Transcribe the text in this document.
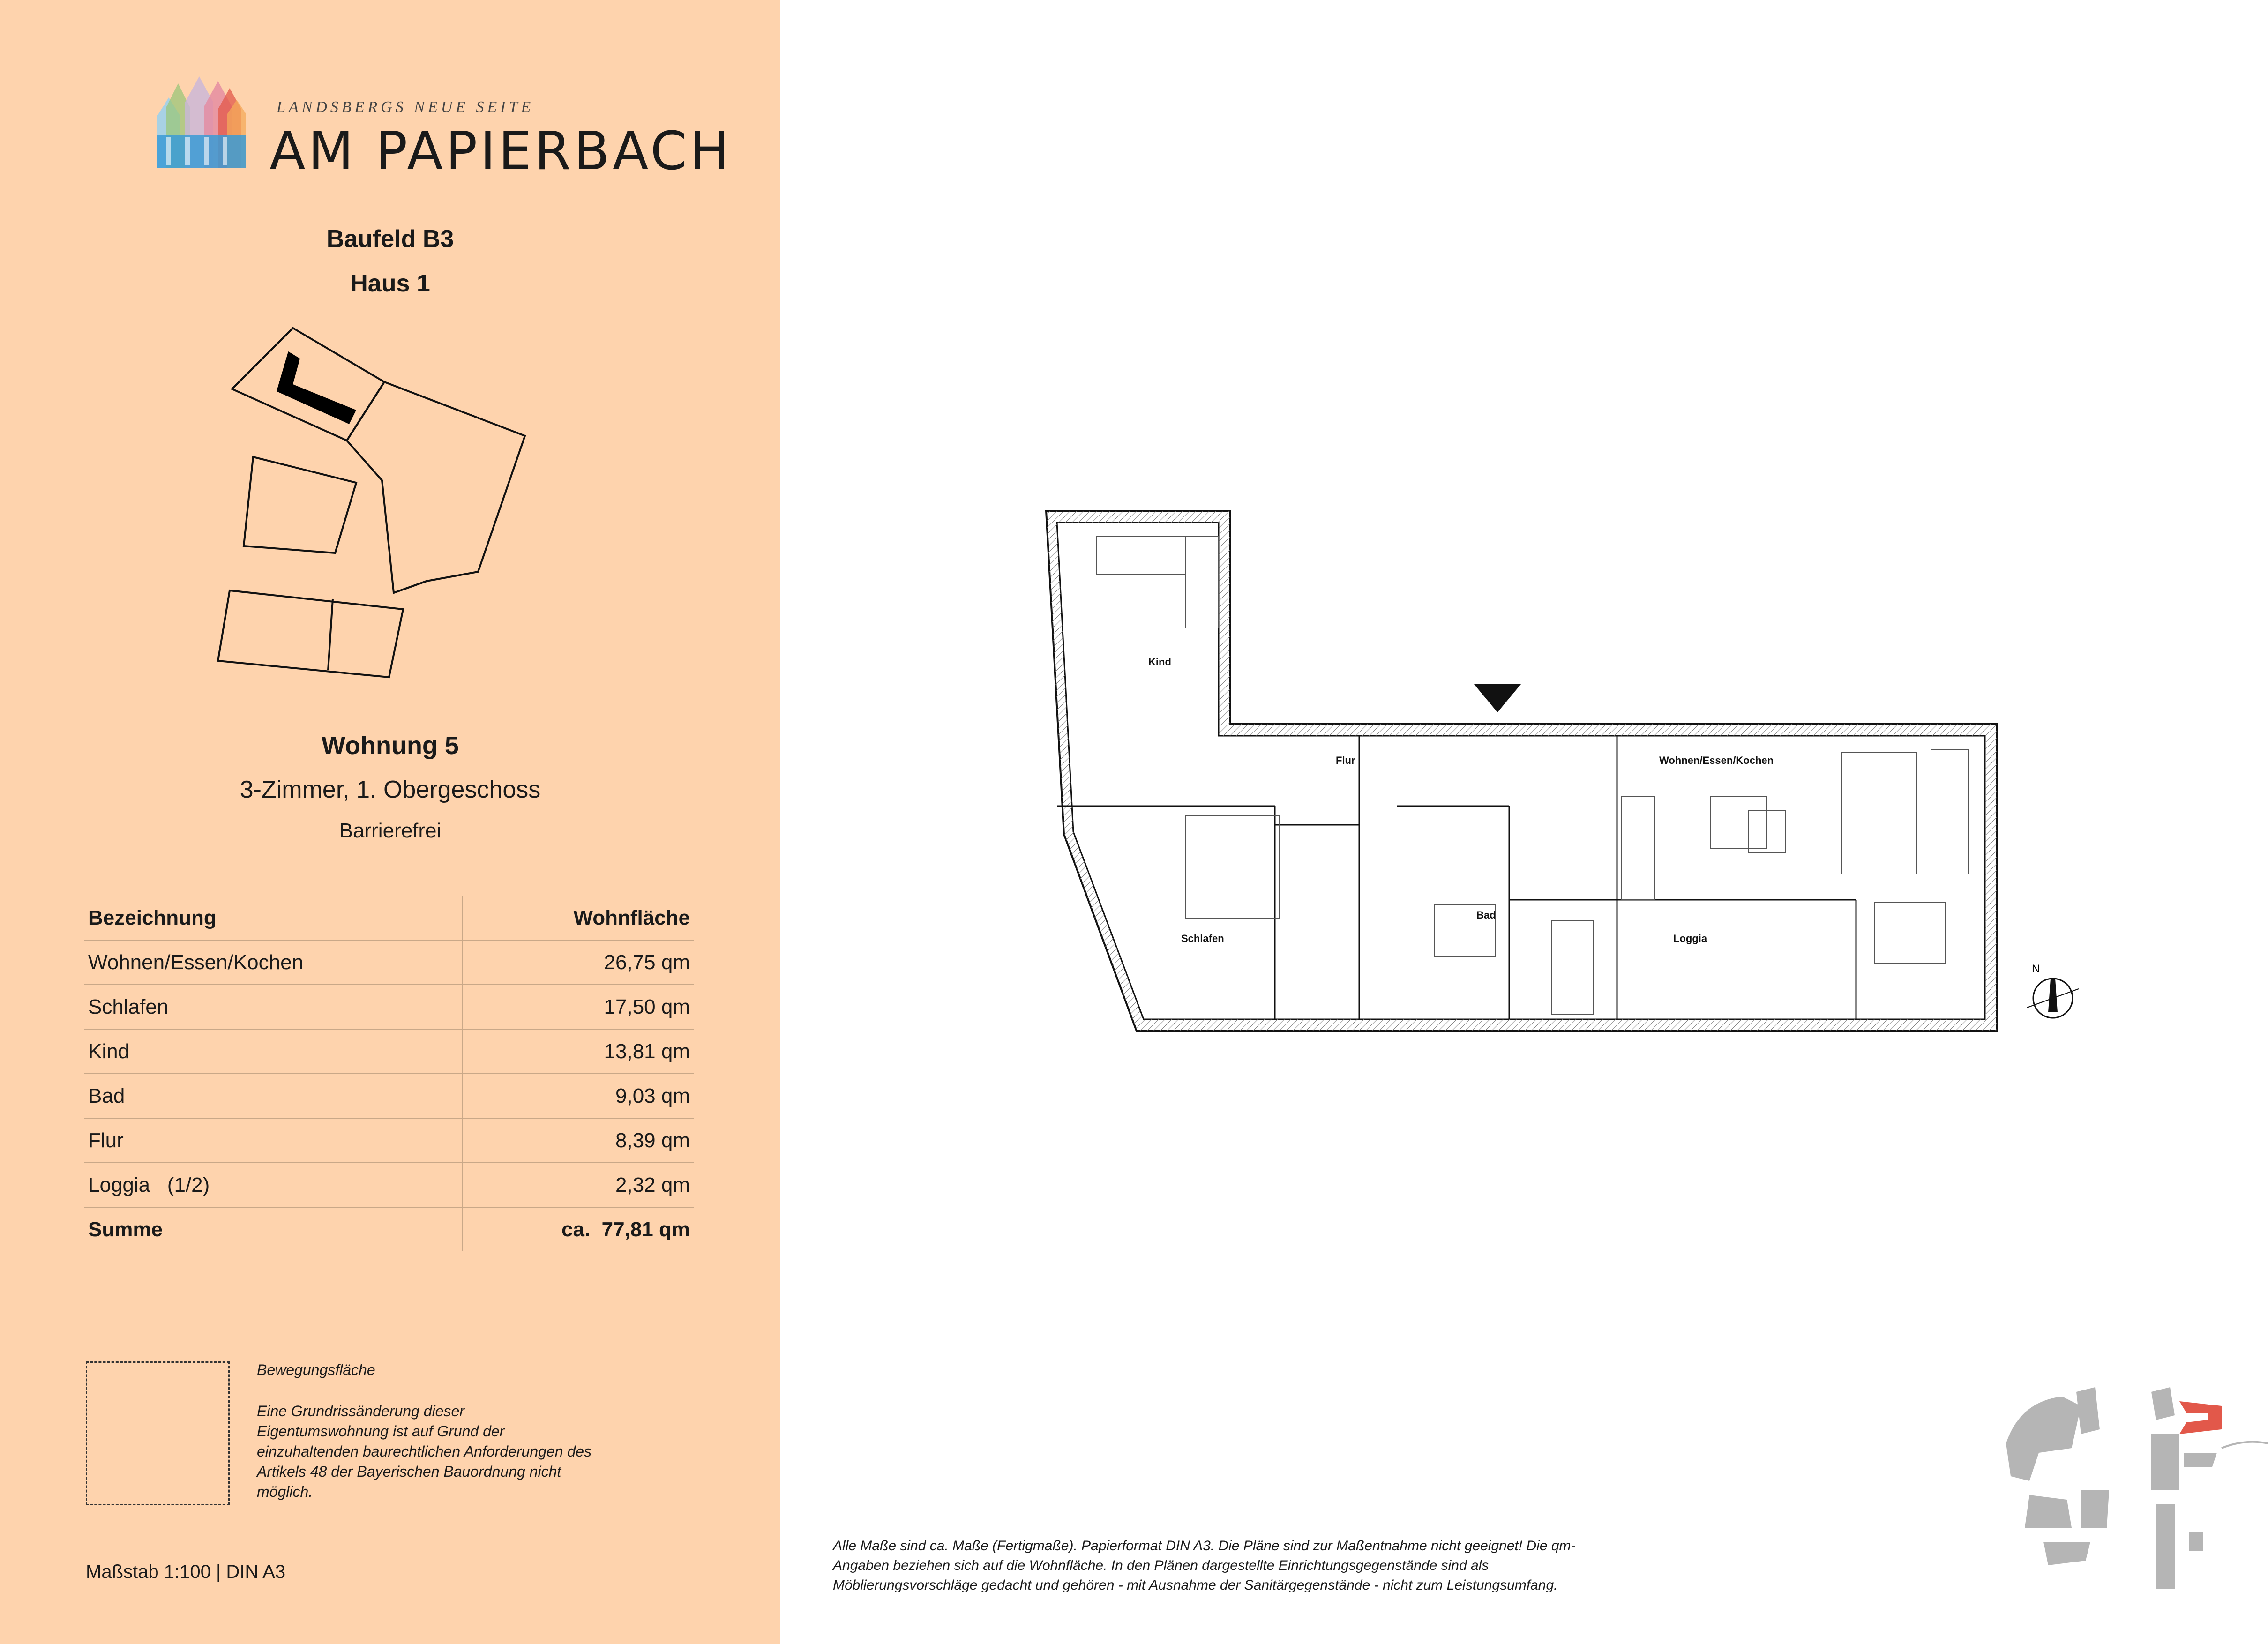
LANDSBERGS NEUE SEITE
AM PAPIERBACH
Baufeld B3
Haus 1
Wohnung 5
3-Zimmer, 1. Obergeschoss
Barrierefrei
Bezeichnung	Wohnfläche
Wohnen/Essen/Kochen	26,75 qm
Schlafen	17,50 qm
Kind	13,81 qm
Bad	9,03 qm
Flur	8,39 qm
Loggia   (1/2)	2,32 qm
Summe	ca.  77,81 qm
Bewegungsfläche
Eine Grundrissänderung dieser Eigentumswohnung ist auf Grund der einzuhaltenden baurechtlichen Anforderungen des Artikels 48 der Bayerischen Bauordnung nicht möglich.
Maßstab 1:100 | DIN A3
Kind
Flur	Wohnen/Essen/Kochen
Schlafen
Bad
Loggia
N
Alle Maße sind ca. Maße (Fertigmaße). Papierformat DIN A3. Die Pläne sind zur Maßentnahme nicht geeignet! Die qm-Angaben beziehen sich auf die Wohnfläche. In den Plänen dargestellte Einrichtungsgegenstände sind als Möblierungsvorschläge gedacht und gehören - mit Ausnahme der Sanitärgegenstände - nicht zum Leistungsumfang.
